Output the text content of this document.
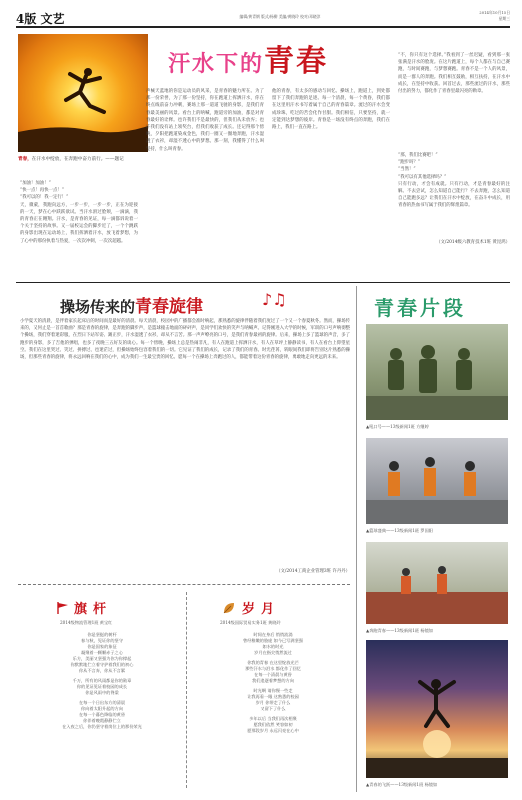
4版 文艺	编辑/黄青钢 版式/杨柳 美编/黄晓玲 校对/邓晓淳
2014年10月15日
星期三
青春，在汗水中绽放，在奔跑中奋力前行。——题记
汗水下的青春
“加油！加油！”
“快一点！再快一点！”
“我可以的！我一定行！”
天，微蒙，我跑向远方，一步一步，一步一步，正在为迎接的一天，梦在心中跃跃欲试。当汗水滑过脸颊，一滴滴，我的青春正在翱翔。汗水，是青春的见证，每一滴都诉说着一个关于坚持的故事。又一届校运会的脚步近了，一个个跳跃的身影出现在运动场上，我们挥洒着汗水，放飞着梦想，为了心中的那份执着与热爱，一次次冲刺，一次次超越。
声械天蓝地的你是运动员的风采，是青春的魅力所在。为了那一份荣誉，为了那一份坚持，你在跑道上挥洒汗水，你在终点线前奋力冲刺，赛场上那一道道飞驰的身影，是我们青春最美丽的风景。看台上的呐喊，跑道旁的加油，都是对青春最好的诠释。也许我们不是最快的，但我们从未放弃；也许我们没有站上领奖台，但我们收获了成长。还记得那个傍晚，夕阳把跑道染成金色，我们一圈又一圈地奔跑，汗水湿透了衣衫，却湿不透心中的梦想。那一刻，我懂得了什么叫坚持，什么叫青春。
他的青春，有太多的感动与回忆。操场上，跑道上，到处都留下了我们奔跑的足迹。每一个清晨，每一个黄昏，我们都在这里用汗水书写着属于自己的青春篇章。流过的汗水会变成珍珠，吃过的苦会化作甘甜。我们相信，只要坚持，就一定能到达梦想的彼岸。青春是一场没有终点的奔跑，我们在路上，我们一直在路上。
“不，你只有这个选择。”我看到了一丝迟疑，看到那一张张满是汗水的脸庞。在这片跑道上，每个人都在与自己赛跑，与时间赛跑，与梦想赛跑。青春不是一个人的风景，而是一群人的奔跑。我们相互鼓励，相互扶持，在汗水中成长，在坚持中收获。回首过去，那些流过的汗水，那些付出的努力，都化作了青春里最闪亮的勋章。
“那，我们比赛吧！”
“跑步吗？”
“当然！”
“我可以有其他选择吗？”
只有行动，才会有成就。只有行动，才是青春最好的注解。不去尝试，怎么知道自己能行？不去奔跑，怎么知道自己能跑多远？让我们在汗水中绽放，在奋斗中成长，用青春的热血书写属于我们的辉煌篇章。
（文/2014级六教育技术1班 黄昆鸿）
操场传来的青春旋律	♪♫
小学夏天的清晨，是伴着家长起床后的时间而是最好的清晨。每天清晨，校园中的广播都会准时响起，那熟悉的旋律伴随着我们度过了一个又一个春夏秋冬。然而，操场传来的，又何止是一首首歌曲？那是青春的旋律，是奔跑的脚步声，是篮球撞击地面的砰砰声，是同学们欢快的笑声与呐喊声。记得刚进入大学的时候，军训的口号声响彻整个操场，我们穿着迷彩服，在烈日下站军姿、踢正步，汗水湿透了衣衫，却从不言苦。那一声声嘹亮的口号，是我们青春最初的旋律。后来，操场上多了篮球的声音，多了跑步的身影，多了吉他的弹唱，也多了夜晚三五好友的谈心。每一个傍晚，操场上总是热闹非凡，有人在跑道上挥洒汗水，有人在草坪上静静读书，有人在看台上仰望星空。我们在这里哭过、笑过、拼搏过、也迷茫过，但操场始终包容着我们的一切。它见证了我们的成长，记录了我们的青春。时光荏苒，转眼间我们即将告别这片熟悉的操场，但那些青春的旋律，将永远回响在我们的心中，成为我们一生最宝贵的回忆。愿每一个在操场上奔跑过的人，都能带着这份青春的旋律，勇敢地走向更远的未来。
（文/2014工商企业管理3班 许丹丹）
青春片段
▲吼口号——13级新闻1班 方继婷
▲篮球盛典——13级新闻1班 罗国阳
▲奔跑青春——13级新闻1班 杨镜如
▲青春的飞跃——13级新闻1班 杨镜如
旗杆
2014级物流管理1班 黄宝红
你是坚挺的树杆
春与秋，见证你的坚守
你是国家的象征
凝聚着一颗颗赤子之心
乐方，美丽又坚强为你为你撑起
你默默地伫立着守护着我们的初心
你从不言弃，你从不言累
千万，所有的风雨都是你的勋章
你的见证见证着校园的成长
你是风雨中的脊梁
在每一个日出东方的清晨
你向着太阳升起的方向
在每一个暮色降临的黄昏
你伴着晚霞静静伫立
在入夜之后，你仍坚守着岗位上的那份荣光
岁月
2014级国际贸易实务1班 黄晓玲
时间在身后 悄悄流淌
曾经稚嫩的脸庞 如今已写满坚强
如水的时光
岁月在指尖悄然流过
你我的青春 在这里绽放光芒
那些汗水与泪水 都化作了回忆
在每一个清晨与黄昏
我们追逐着梦想的方向
时光啊 请你慢一些走
让我再看一眼 这熟悉的校园
岁月 你带走了什么
又留下了什么
多年以后 当我们再次相聚
愿我们依然 笑容如初
愿那段岁月 永远闪亮在心中
